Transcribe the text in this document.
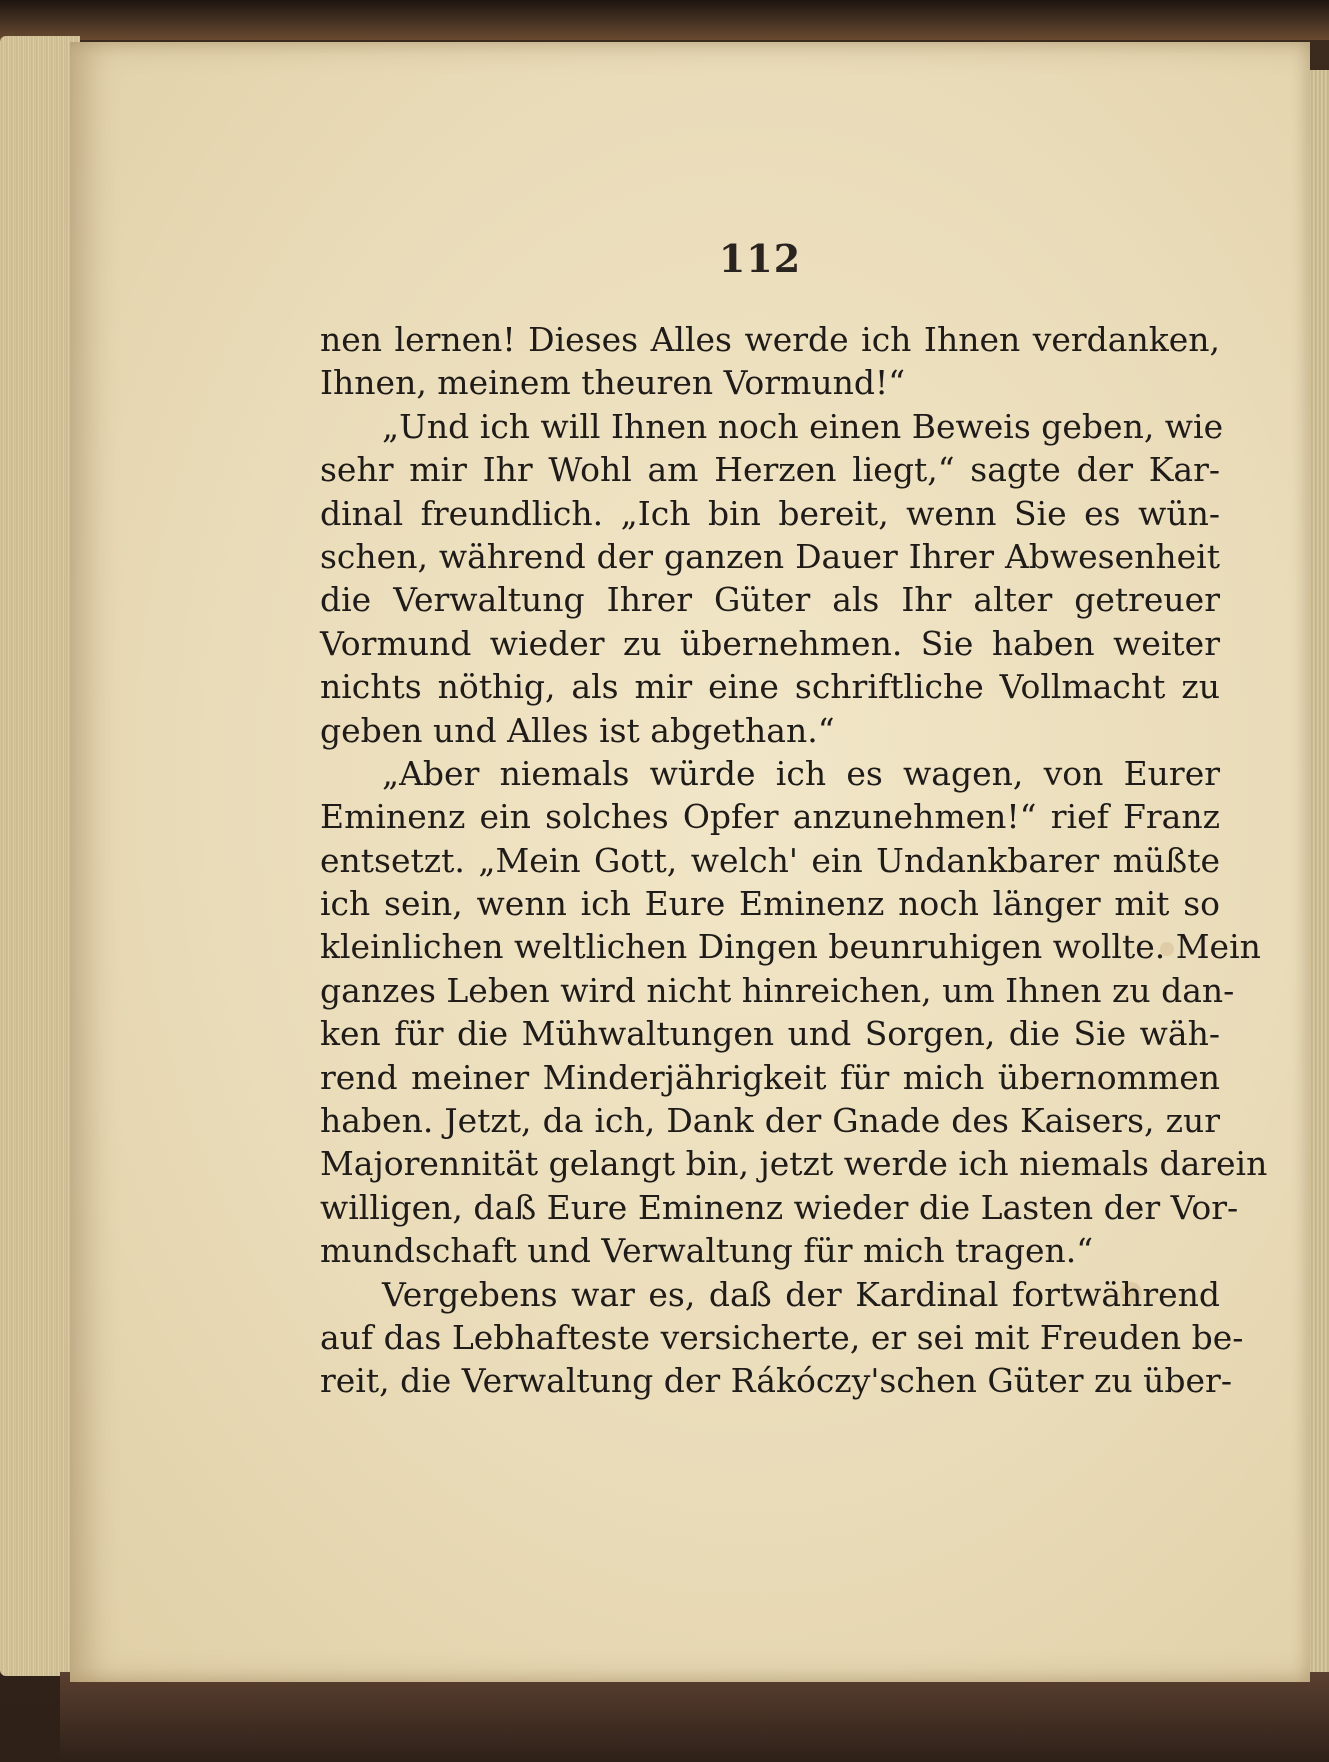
112
nen lernen! Dieses Alles werde ich Ihnen verdanken,
Ihnen, meinem theuren Vormund!“
„Und ich will Ihnen noch einen Beweis geben, wie
sehr mir Ihr Wohl am Herzen liegt,“ sagte der Kar-
dinal freundlich. „Ich bin bereit, wenn Sie es wün-
schen, während der ganzen Dauer Ihrer Abwesenheit
die Verwaltung Ihrer Güter als Ihr alter getreuer
Vormund wieder zu übernehmen. Sie haben weiter
nichts nöthig, als mir eine schriftliche Vollmacht zu
geben und Alles ist abgethan.“
„Aber niemals würde ich es wagen, von Eurer
Eminenz ein solches Opfer anzunehmen!“ rief Franz
entsetzt. „Mein Gott, welch' ein Undankbarer müßte
ich sein, wenn ich Eure Eminenz noch länger mit so
kleinlichen weltlichen Dingen beunruhigen wollte. Mein
ganzes Leben wird nicht hinreichen, um Ihnen zu dan-
ken für die Mühwaltungen und Sorgen, die Sie wäh-
rend meiner Minderjährigkeit für mich übernommen
haben. Jetzt, da ich, Dank der Gnade des Kaisers, zur
Majorennität gelangt bin, jetzt werde ich niemals darein
willigen, daß Eure Eminenz wieder die Lasten der Vor-
mundschaft und Verwaltung für mich tragen.“
Vergebens war es, daß der Kardinal fortwährend
auf das Lebhafteste versicherte, er sei mit Freuden be-
reit, die Verwaltung der Rákóczy'schen Güter zu über-
